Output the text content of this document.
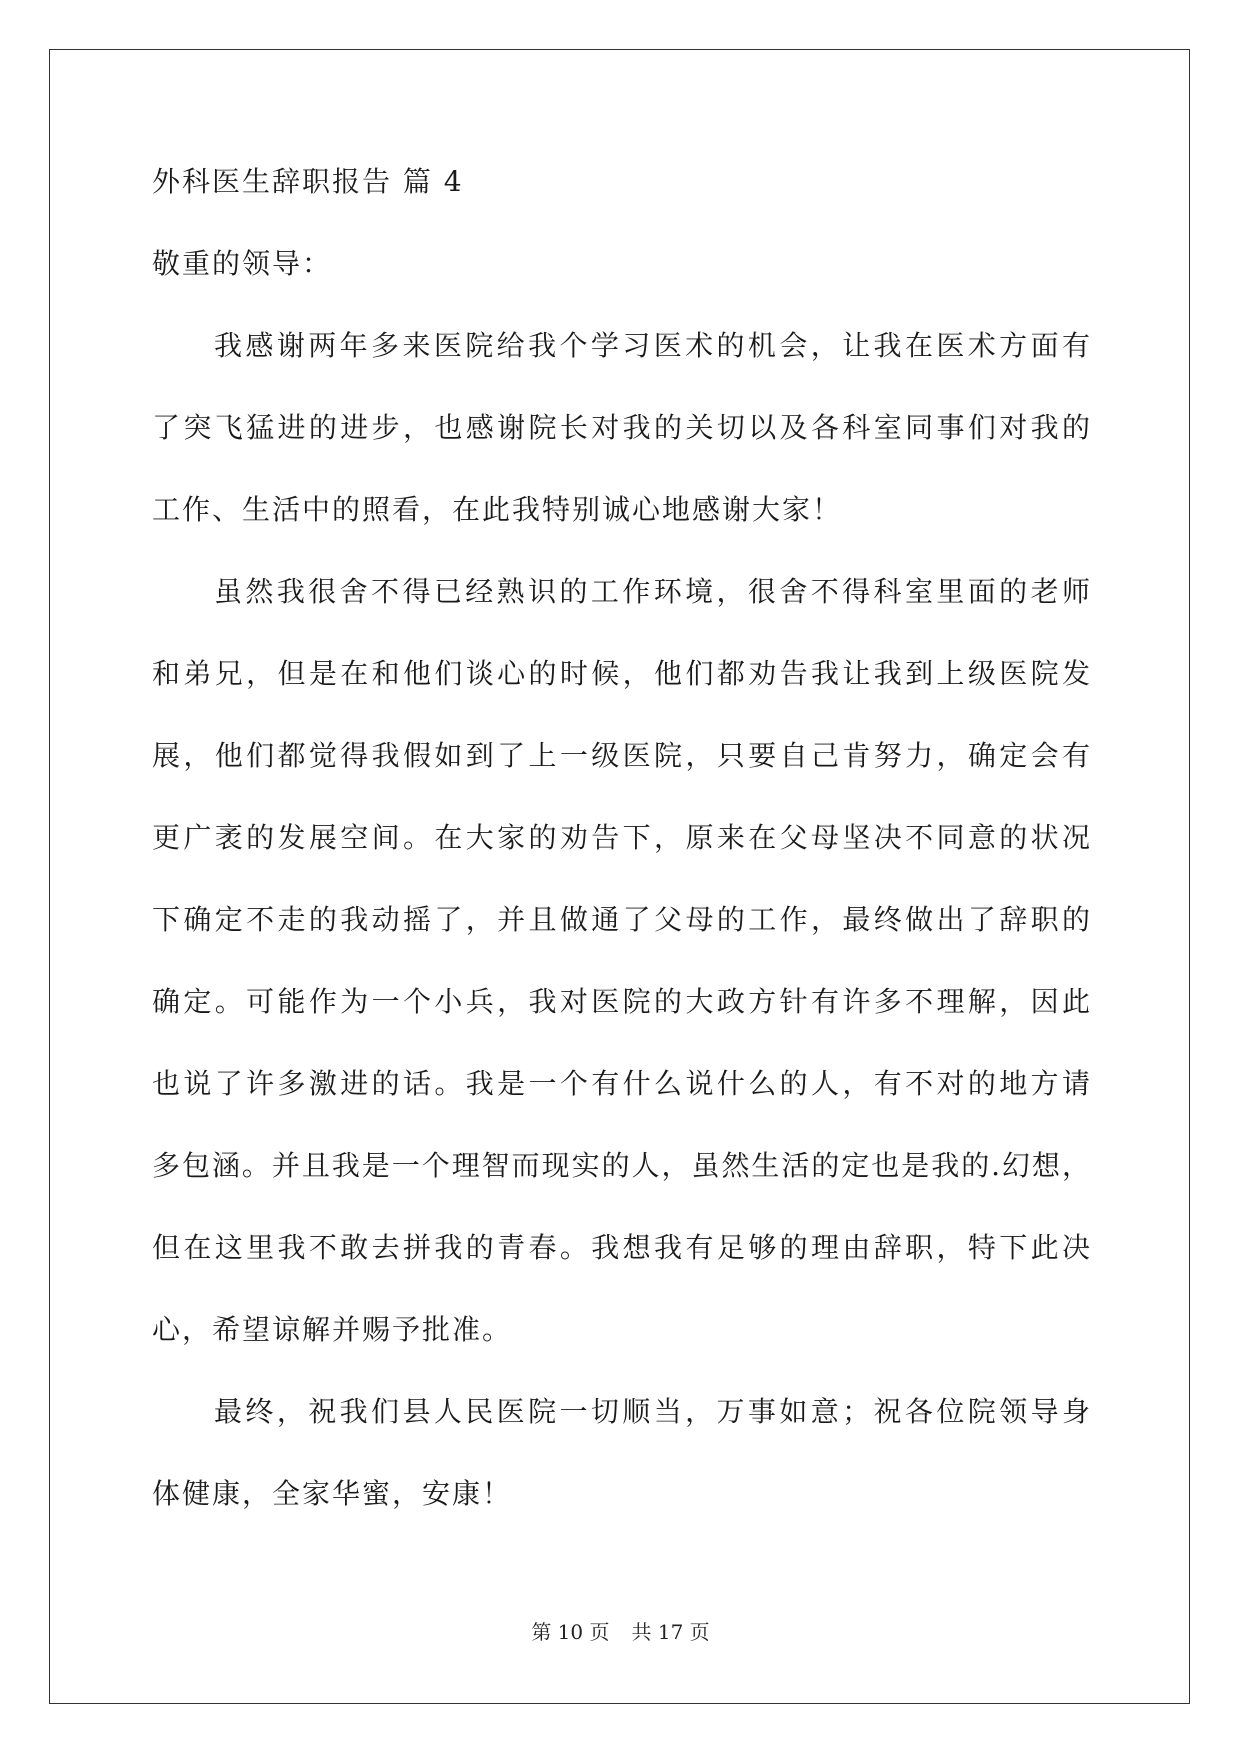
外科医生辞职报告 篇 4

敬重的领导：

我感谢两年多来医院给我个学习医术的机会，让我在医术方面有

了突飞猛进的进步，也感谢院长对我的关切以及各科室同事们对我的

工作、生活中的照看，在此我特别诚心地感谢大家！

虽然我很舍不得已经熟识的工作环境，很舍不得科室里面的老师

和弟兄，但是在和他们谈心的时候，他们都劝告我让我到上级医院发

展，他们都觉得我假如到了上一级医院，只要自己肯努力，确定会有

更广袤的发展空间。在大家的劝告下，原来在父母坚决不同意的状况

下确定不走的我动摇了，并且做通了父母的工作，最终做出了辞职的

确定。可能作为一个小兵，我对医院的大政方针有许多不理解，因此

也说了许多激进的话。我是一个有什么说什么的人，有不对的地方请

多包涵。并且我是一个理智而现实的人，虽然生活的定也是我的.幻想，

但在这里我不敢去拼我的青春。我想我有足够的理由辞职，特下此决

心，希望谅解并赐予批准。

最终，祝我们县人民医院一切顺当，万事如意；祝各位院领导身

体健康，全家华蜜，安康！

第 10 页 共 17 页
